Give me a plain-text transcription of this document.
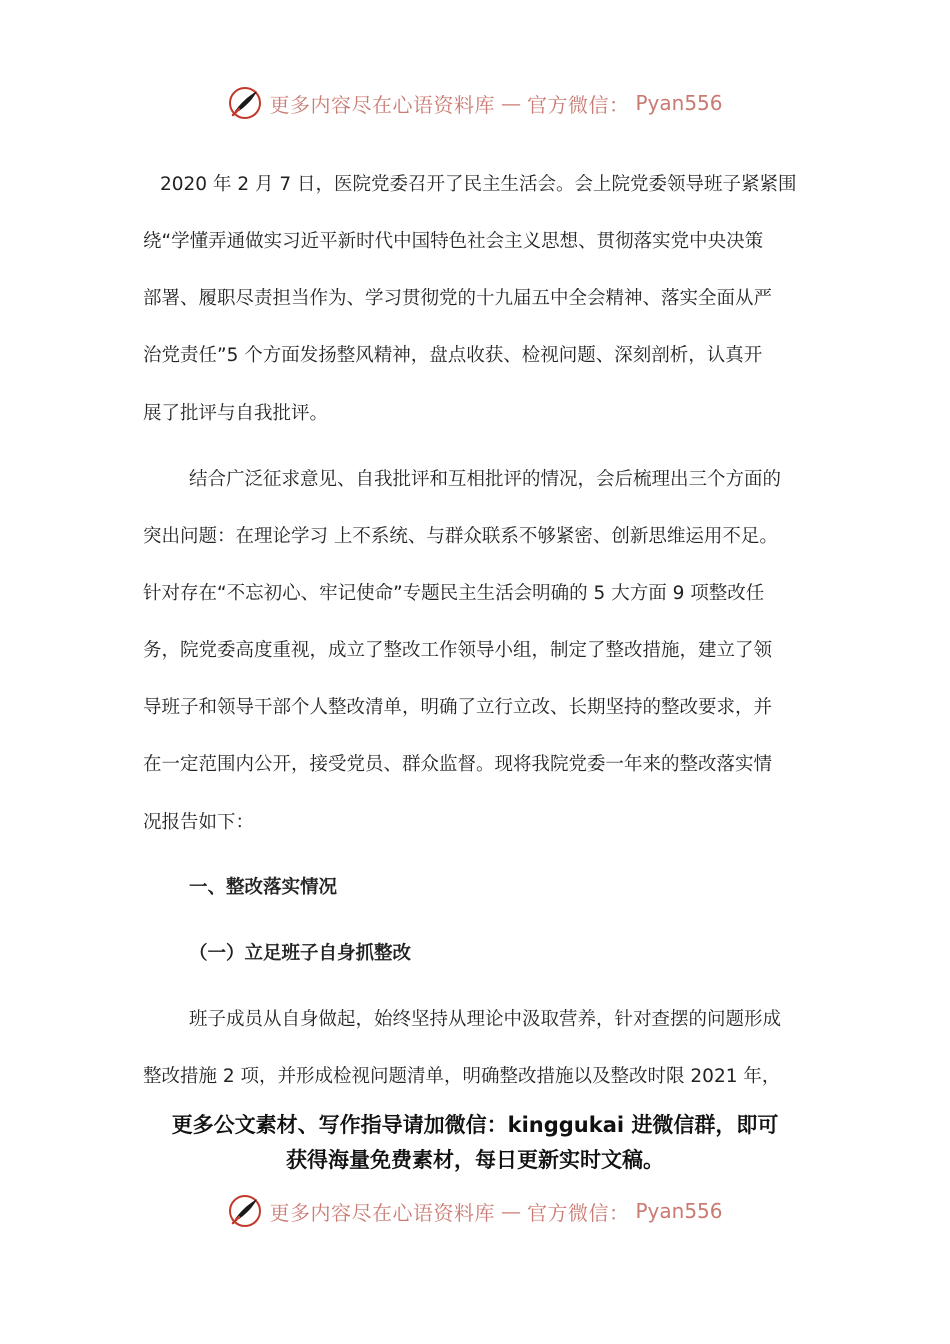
更多内容尽在心语资料库 — 官方微信： Pyan556
2020 年 2 月 7 日，医院党委召开了民主生活会。会上院党委领导班子紧紧围
绕“学懂弄通做实习近平新时代中国特色社会主义思想、贯彻落实党中央决策
部署、履职尽责担当作为、学习贯彻党的十九届五中全会精神、落实全面从严
治党责任”5 个方面发扬整风精神，盘点收获、检视问题、深刻剖析，认真开
展了批评与自我批评。
结合广泛征求意见、自我批评和互相批评的情况，会后梳理出三个方面的
突出问题：在理论学习 上不系统、与群众联系不够紧密、创新思维运用不足。
针对存在“不忘初心、牢记使命”专题民主生活会明确的 5 大方面 9 项整改任
务，院党委高度重视，成立了整改工作领导小组，制定了整改措施，建立了领
导班子和领导干部个人整改清单，明确了立行立改、长期坚持的整改要求，并
在一定范围内公开，接受党员、群众监督。现将我院党委一年来的整改落实情
况报告如下：
一、整改落实情况
（一）立足班子自身抓整改
班子成员从自身做起，始终坚持从理论中汲取营养，针对查摆的问题形成
整改措施 2 项，并形成检视问题清单，明确整改措施以及整改时限 2021 年，
更多公文素材、写作指导请加微信：kinggukai 进微信群，即可
获得海量免费素材，每日更新实时文稿。
更多内容尽在心语资料库 — 官方微信： Pyan556
